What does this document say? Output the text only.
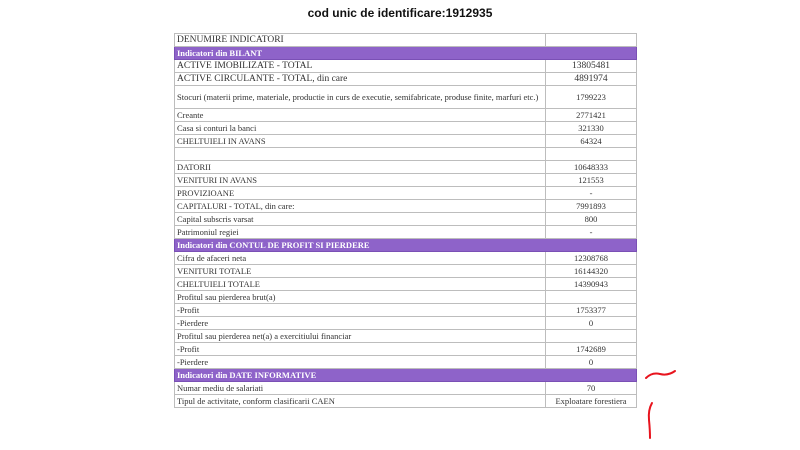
cod unic de identificare:1912935
DENUMIRE INDICATORI	
Indicatori din BILANT	
ACTIVE IMOBILIZATE - TOTAL	13805481
ACTIVE CIRCULANTE - TOTAL, din care	4891974
Stocuri (materii prime, materiale, productie in curs de executie, semifabricate, produse finite, marfuri etc.)	1799223
Creante	2771421
Casa si conturi la banci	321330
CHELTUIELI IN AVANS	64324

DATORII	10648333
VENITURI IN AVANS	121553
PROVIZIOANE	-
CAPITALURI - TOTAL, din care:	7991893
Capital subscris varsat	800
Patrimoniul regiei	-
Indicatori din CONTUL DE PROFIT SI PIERDERE	
Cifra de afaceri neta	12308768
VENITURI TOTALE	16144320
CHELTUIELI TOTALE	14390943
Profitul sau pierderea brut(a)	
-Profit	1753377
-Pierdere	0
Profitul sau pierderea net(a) a exercitiului financiar	
-Profit	1742689
-Pierdere	0
Indicatori din DATE INFORMATIVE	
Numar mediu de salariati	70
Tipul de activitate, conform clasificarii CAEN	Exploatare forestiera
